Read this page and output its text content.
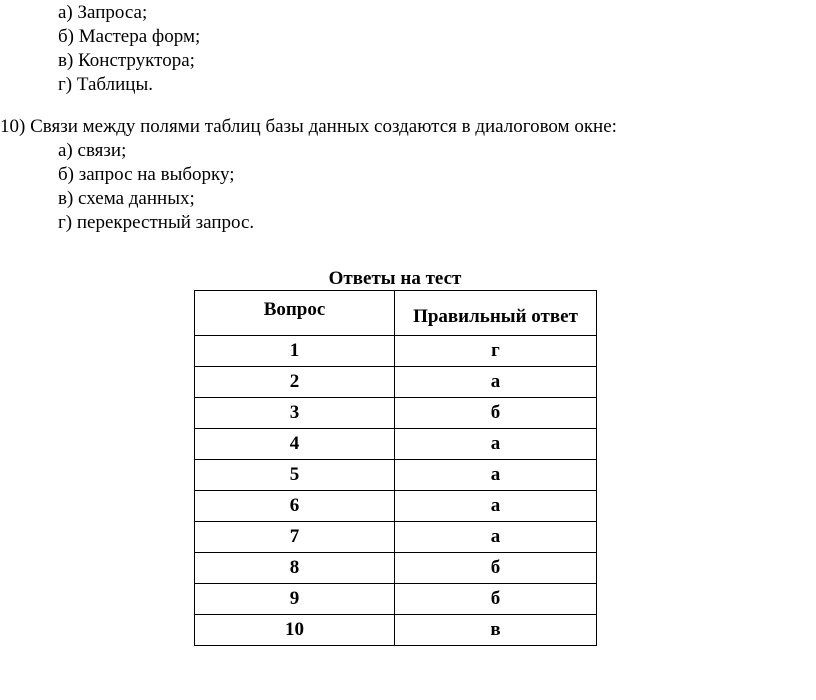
а) Запроса;
б) Мастера форм;
в) Конструктора;
г) Таблицы.
10) Связи между полями таблиц базы данных создаются в диалоговом окне:
а) связи;
б) запрос на выборку;
в) схема данных;
г) перекрестный запрос.
Ответы на тест
Вопрос	Правильный ответ
1	г
2	а
3	б
4	а
5	а
6	а
7	а
8	б
9	б
10	в
